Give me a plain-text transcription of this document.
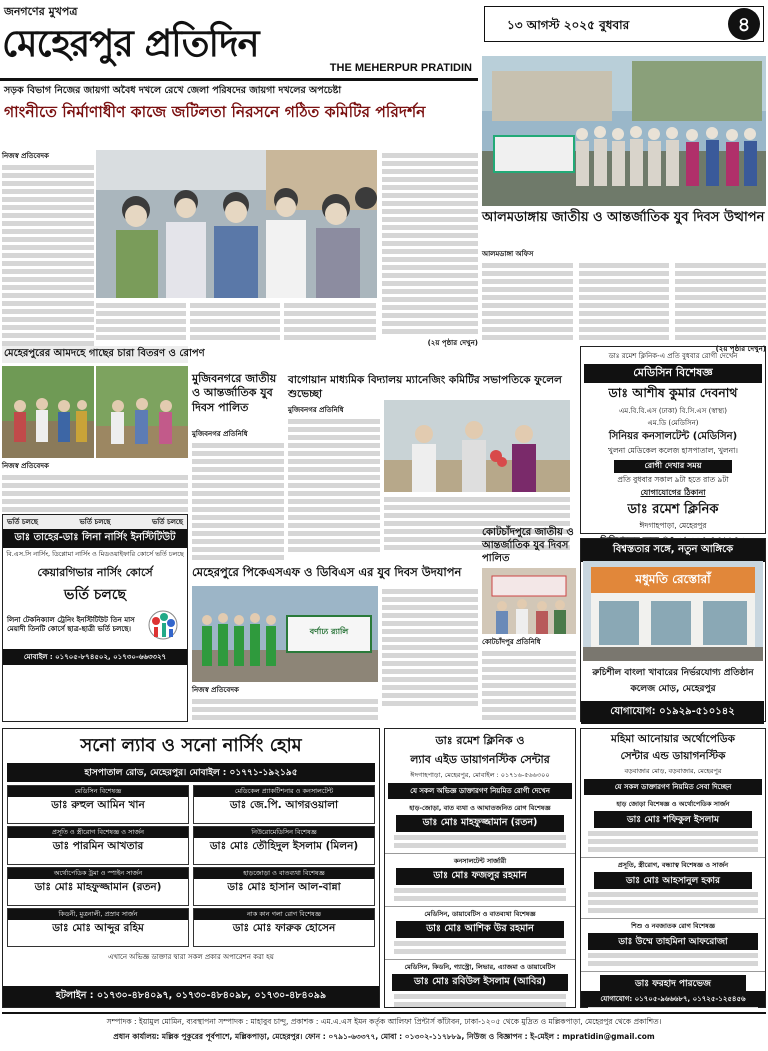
জনগণের মুখপত্র
মেহেরপুর প্রতিদিন
THE MEHERPUR PRATIDIN
১৩ আগস্ট ২০২৫ বুধবার	৪
সড়ক বিভাগ নিজের জায়গা অবৈধ দখলে রেখে জেলা পরিষদের জায়গা দখলের অপচেষ্টা
গাংনীতে নির্মাণাধীণ কাজে জটিলতা নিরসনে গঠিত কমিটির পরিদর্শন
নিজস্ব প্রতিবেদক
(২য় পৃষ্ঠার দেখুন)
আলমডাঙ্গায় জাতীয় ও আন্তর্জাতিক যুব দিবস উত্থাপন
আলমডাঙ্গা অফিস
(২য় পৃষ্ঠার দেখুন)
মেহেরপুরের আমদহে গাছের চারা বিতরণ ও রোপণ
নিজস্ব প্রতিবেদক
মুজিবনগরে জাতীয় ও আন্তর্জাতিক যুব দিবস পালিত
মুজিবনগর প্রতিনিধি
বাগোয়ান মাধ্যমিক বিদ্যালয় ম্যানেজিং কমিটির সভাপতিকে ফুলেল শুভেচ্ছা
মুজিবনগর প্রতিনিধি
কোটচাঁদপুরে জাতীয় ও আন্তর্জাতিক যুব দিবস পালিত
কোটচাঁদপুর প্রতিনিধি
মেহেরপুরে পিকেএসএফ ও ডিবিএস এর যুব দিবস উদযাপন
বর্ণাঢ্য র‌্যালি
নিজস্ব প্রতিবেদক
ডাঃ রমেশ ক্লিনিক-এ প্রতি বুধবার রোগী দেখেন
মেডিসিন বিশেষজ্ঞ
ডাঃ আশীষ কুমার দেবনাথ
এম.বি.বি.এস (ঢাকা) বি.সি.এস (স্বাস্থ্য)
এম.ডি (মেডিসিন)
সিনিয়র কনসালটেন্ট (মেডিসিন)
খুলনা মেডিকেল কলেজ হাসপাতাল, খুলনা।
রোগী দেখার সময়
প্রতি বুধবার সকাল ৯টা হতে রাত ৯টা
যোগাযোগের ঠিকানা
ডাঃ রমেশ ক্লিনিক
ঈদগাহপাড়া, মেহেরপুর
ভর্তি চলছে	ভর্তি চলছে	ভর্তি চলছে
ডাঃ তাহের-ডাঃ লিনা নার্সিং ইনস্টিটিউট
বি.এস.সি নার্সিং, ডিপ্লোমা নার্সিং ও মিডওয়াইফারি কোর্সে ভর্তি চলছে
কেয়ারগিভার নার্সিং কোর্সে
ভর্তি চলছে
লিনা টেকনিক্যাল ট্রেনিং ইনস্টিটিউট তিন মাস মেয়াদী তিনটি কোর্সে ছাত্র-ছাত্রী ভর্তি চলছে।
মোবাইল : ০১৭০৫-৮৭৪৫০২, ০১৭৩০-৬৬৩৩২৭
বিশ্বস্ততার সঙ্গে, নতুন আঙ্গিকে
মধুমতি রেস্তোরাঁ
রুচিশীল বাংলা খাবারের নির্ভরযোগ্য প্রতিষ্ঠান
কলেজ মোড়, মেহেরপুর
যোগাযোগ: ০১৯২৯-৫১০১৪২
সনো ল্যাব ও সনো নার্সিং হোম
হাসপাতাল রোড, মেহেরপুর। মোবাইল : ০১৭৭১-১৯২১৯৫
মেডিসিন বিশেষজ্ঞ
ডাঃ রুহুল আমিন খান
মেডিকেল প্র্যাকটিশনার ও কনসালটেন্ট
ডাঃ জে.পি. আগরওয়ালা
প্রসূতি ও স্ত্রীরোগ বিশেষজ্ঞ ও সার্জন
ডাঃ পারমিন আখতার
নিউরোমেডিসিন বিশেষজ্ঞ
ডাঃ মোঃ তৌহিদুল ইসলাম (মিলন)
অর্থোপেডিক ট্রমা ও স্পাইন সার্জন
ডাঃ মোঃ মাহফুজ্জামান (রতন)
হাড়জোড়া ও বাতব্যথা বিশেষজ্ঞ
ডাঃ মোঃ হাসান আল-বান্না
কিডনী, মুত্রনালী, প্রস্রাব সার্জন
ডাঃ মোঃ আব্দুর রহিম
নাক কান গলা রোগ বিশেষজ্ঞ
ডাঃ মোঃ ফারুক হোসেন
এখানে অভিজ্ঞ ডাক্তার দ্বারা সকল প্রকার অপারেশন করা হয়
হটলাইন : ০১৭৩০-৪৮৪০৯৭, ০১৭৩০-৪৮৪০৯৮, ০১৭৩০-৪৮৪০৯৯
ডাঃ রমেশ ক্লিনিক ও
ল্যাব এইড ডায়াগনস্টিক সেন্টার
ঈদগাহপাড়া, মেহেরপুর, মোবাইল : ০১৭১৬-৫৬৬৩০০
যে সকল অভিজ্ঞ ডাক্তারগণ নিয়মিত রোগী দেখেন
হাড়-জোড়া, বাত ব্যথা ও আঘাতজনিত রোগ বিশেষজ্ঞ
ডাঃ মোঃ মাহফুজ্জামান (রতন)
কনসালটেন্ট সার্জারী
ডাঃ মোঃ ফজলুর রহমান
মেডিসিন, ডায়াবেটিস ও বাতব্যথা বিশেষজ্ঞ
ডাঃ মোঃ আশিক উর রহমান
মেডিসিন, কিডনি, গ্যাস্ট্রো, লিভার, এ্যাজমা ও ডায়াবেটিস
ডাঃ মোঃ রবিউল ইসলাম (আবির)
মহিমা আনোয়ার অর্থোপেডিক
সেন্টার এন্ড ডায়াগনস্টিক
বড়বাজার মোড়, বড়বাজার, মেহেরপুর
যে সকল ডাক্তারগণ নিয়মিত সেবা দিচ্ছেন
হাড় জোড়া বিশেষজ্ঞ ও অর্থোপেডিক সার্জন
ডাঃ মোঃ শফিকুল ইসলাম
প্রসূতি, স্ত্রীরোগ, বন্ধ্যাত্ব বিশেষজ্ঞ ও সার্জন
ডাঃ মোঃ আহসানুল হকার
শিশু ও নবজাতক রোগ বিশেষজ্ঞ
ডাঃ উম্মে তাহমিনা আফরোজা
ডাঃ ফরহাদ পারভেজ
যোগাযোগ: ০১৭০৫-৯৬৬৬৮৭, ০১৭২৫-১২৫৪৫৬
সম্পাদক : ইয়ামুল মোমিন, ব্যবস্থাপনা সম্পাদক : মাহাবুব চান্দু, প্রকাশক : এম.এ.এস ইমন কর্তৃক আলিফা প্রিন্টার্স কাঁটাবন, ঢাকা-১২০৫ থেকে মুদ্রিত ও মল্লিকপাড়া, মেহেরপুর থেকে প্রকাশিত।
প্রধান কার্যালয়: মল্লিক পুকুরের পূর্বপাশে, মল্লিকপাড়া, মেহেরপুর। ফোন : ০৭৯১-৬৩৩৭৭, মোবা : ০১৩০২-১১৭৮৮৯, নিউজ ও বিজ্ঞাপন : ই-মেইল : mpratidin@gmail.com
